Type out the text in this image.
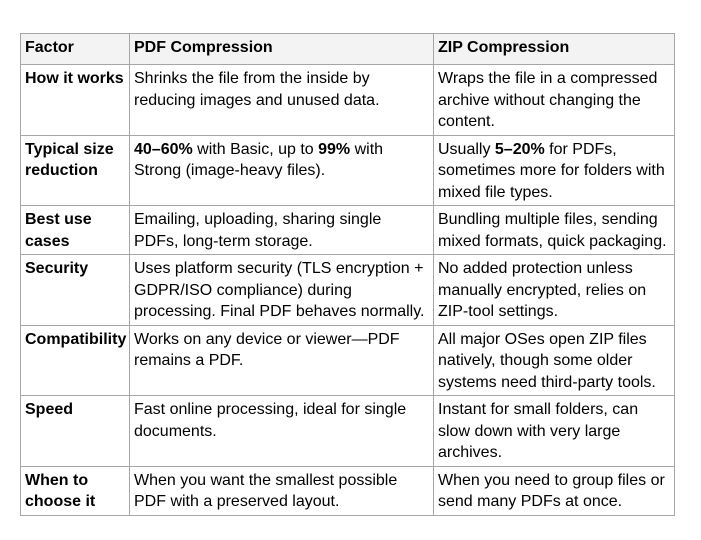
Factor	PDF Compression	ZIP Compression
How it works	Shrinks the file from the inside by reducing images and unused data.	Wraps the file in a compressed archive without changing the content.
Typical size reduction	40–60% with Basic, up to 99% with Strong (image-heavy files).	Usually 5–20% for PDFs, sometimes more for folders with mixed file types.
Best use cases	Emailing, uploading, sharing single PDFs, long-term storage.	Bundling multiple files, sending mixed formats, quick packaging.
Security	Uses platform security (TLS encryption + GDPR/ISO compliance) during processing. Final PDF behaves normally.	No added protection unless manually encrypted, relies on ZIP-tool settings.
Compatibility	Works on any device or viewer—PDF remains a PDF.	All major OSes open ZIP files natively, though some older systems need third-party tools.
Speed	Fast online processing, ideal for single documents.	Instant for small folders, can slow down with very large archives.
When to choose it	When you want the smallest possible PDF with a preserved layout.	When you need to group files or send many PDFs at once.
